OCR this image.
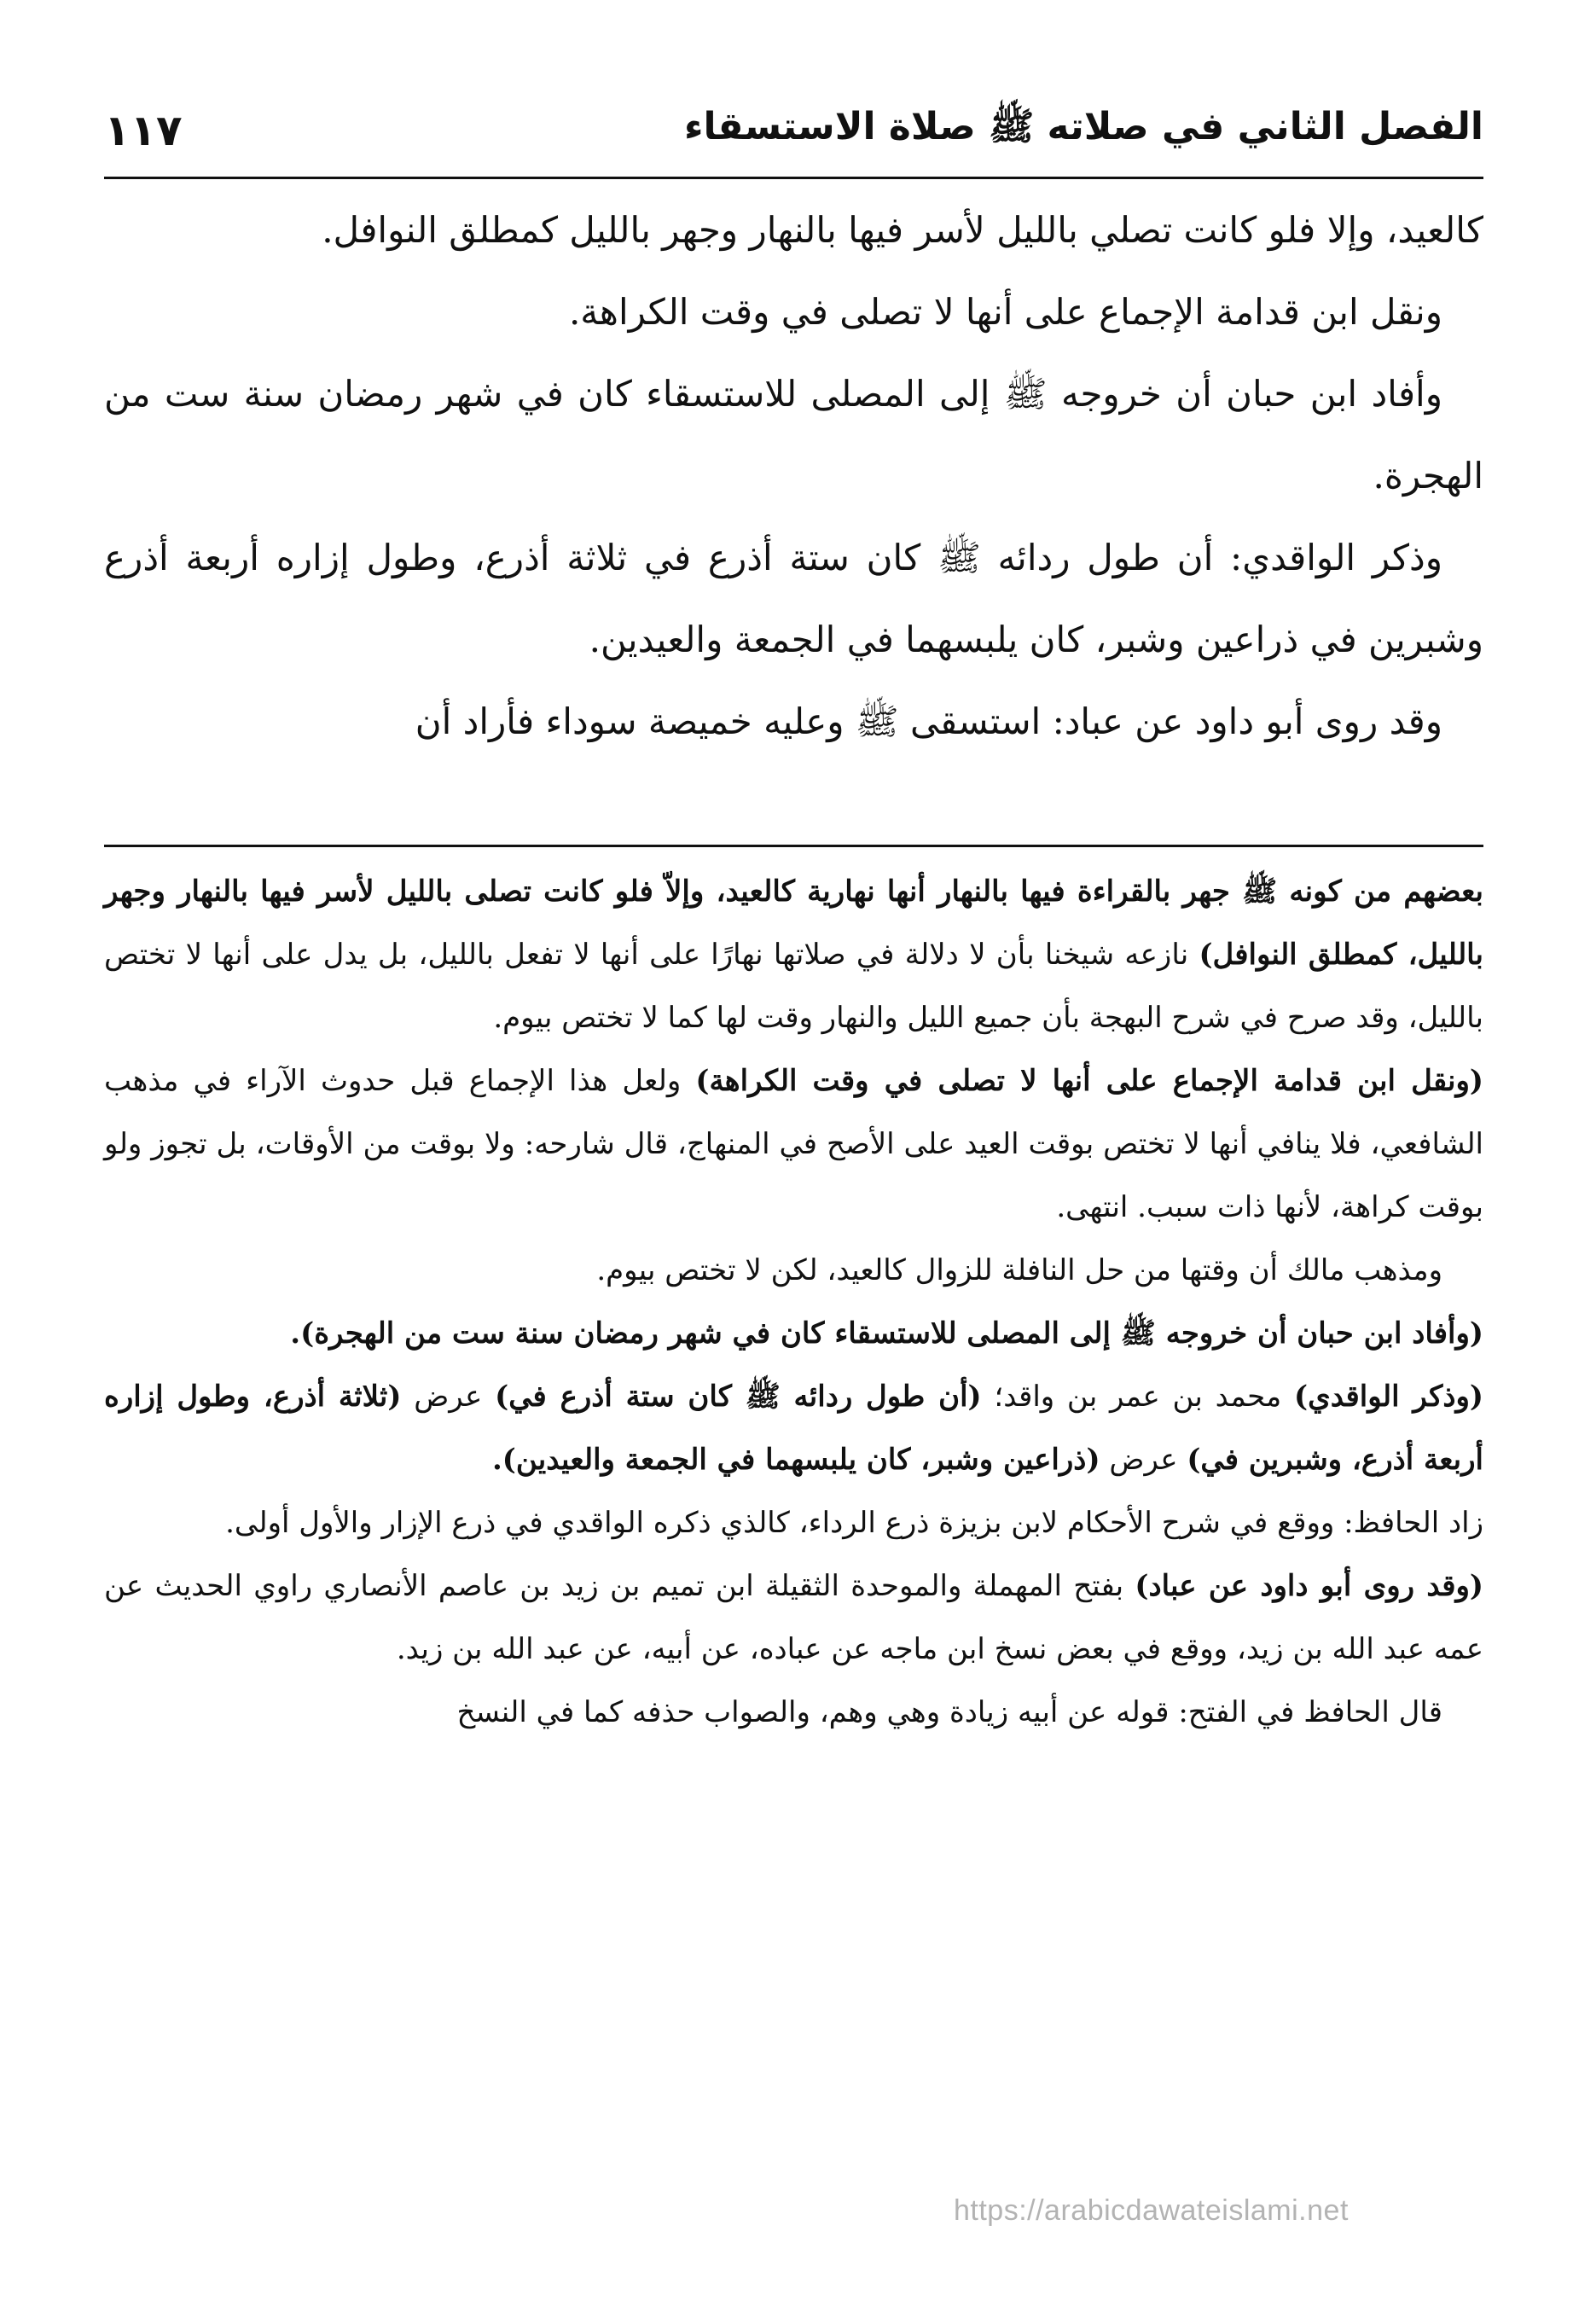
الفصل الثاني في صلاته ﷺ صلاة الاستسقاء
١١٧

كالعيد، وإلا فلو كانت تصلي بالليل لأسر فيها بالنهار وجهر بالليل كمطلق النوافل.

ونقل ابن قدامة الإجماع على أنها لا تصلى في وقت الكراهة.

وأفاد ابن حبان أن خروجه ﷺ إلى المصلى للاستسقاء كان في شهر رمضان سنة ست من الهجرة.

وذكر الواقدي: أن طول ردائه ﷺ كان ستة أذرع في ثلاثة أذرع، وطول إزاره أربعة أذرع وشبرين في ذراعين وشبر، كان يلبسهما في الجمعة والعيدين.

وقد روى أبو داود عن عباد: استسقى ﷺ وعليه خميصة سوداء فأراد أن

بعضهم من كونه ﷺ جهر بالقراءة فيها بالنهار أنها نهارية كالعيد، وإلاّ فلو كانت تصلى بالليل لأسر فيها بالنهار وجهر بالليل، كمطلق النوافل) نازعه شيخنا بأن لا دلالة في صلاتها نهارًا على أنها لا تفعل بالليل، بل يدل على أنها لا تختص بالليل، وقد صرح في شرح البهجة بأن جميع الليل والنهار وقت لها كما لا تختص بيوم.

(ونقل ابن قدامة الإجماع على أنها لا تصلى في وقت الكراهة) ولعل هذا الإجماع قبل حدوث الآراء في مذهب الشافعي، فلا ينافي أنها لا تختص بوقت العيد على الأصح في المنهاج، قال شارحه: ولا بوقت من الأوقات، بل تجوز ولو بوقت كراهة، لأنها ذات سبب. انتهى.

ومذهب مالك أن وقتها من حل النافلة للزوال كالعيد، لكن لا تختص بيوم.

(وأفاد ابن حبان أن خروجه ﷺ إلى المصلى للاستسقاء كان في شهر رمضان سنة ست من الهجرة).

(وذكر الواقدي) محمد بن عمر بن واقد؛ (أن طول ردائه ﷺ كان ستة أذرع في) عرض (ثلاثة أذرع، وطول إزاره أربعة أذرع، وشبرين في) عرض (ذراعين وشبر، كان يلبسهما في الجمعة والعيدين).

زاد الحافظ: ووقع في شرح الأحكام لابن بزيزة ذرع الرداء، كالذي ذكره الواقدي في ذرع الإزار والأول أولى.

(وقد روى أبو داود عن عباد) بفتح المهملة والموحدة الثقيلة ابن تميم بن زيد بن عاصم الأنصاري راوي الحديث عن عمه عبد الله بن زيد، ووقع في بعض نسخ ابن ماجه عن عباده، عن أبيه، عن عبد الله بن زيد.

قال الحافظ في الفتح: قوله عن أبيه زيادة وهي وهم، والصواب حذفه كما في النسخ

https://arabicdawateislami.net
